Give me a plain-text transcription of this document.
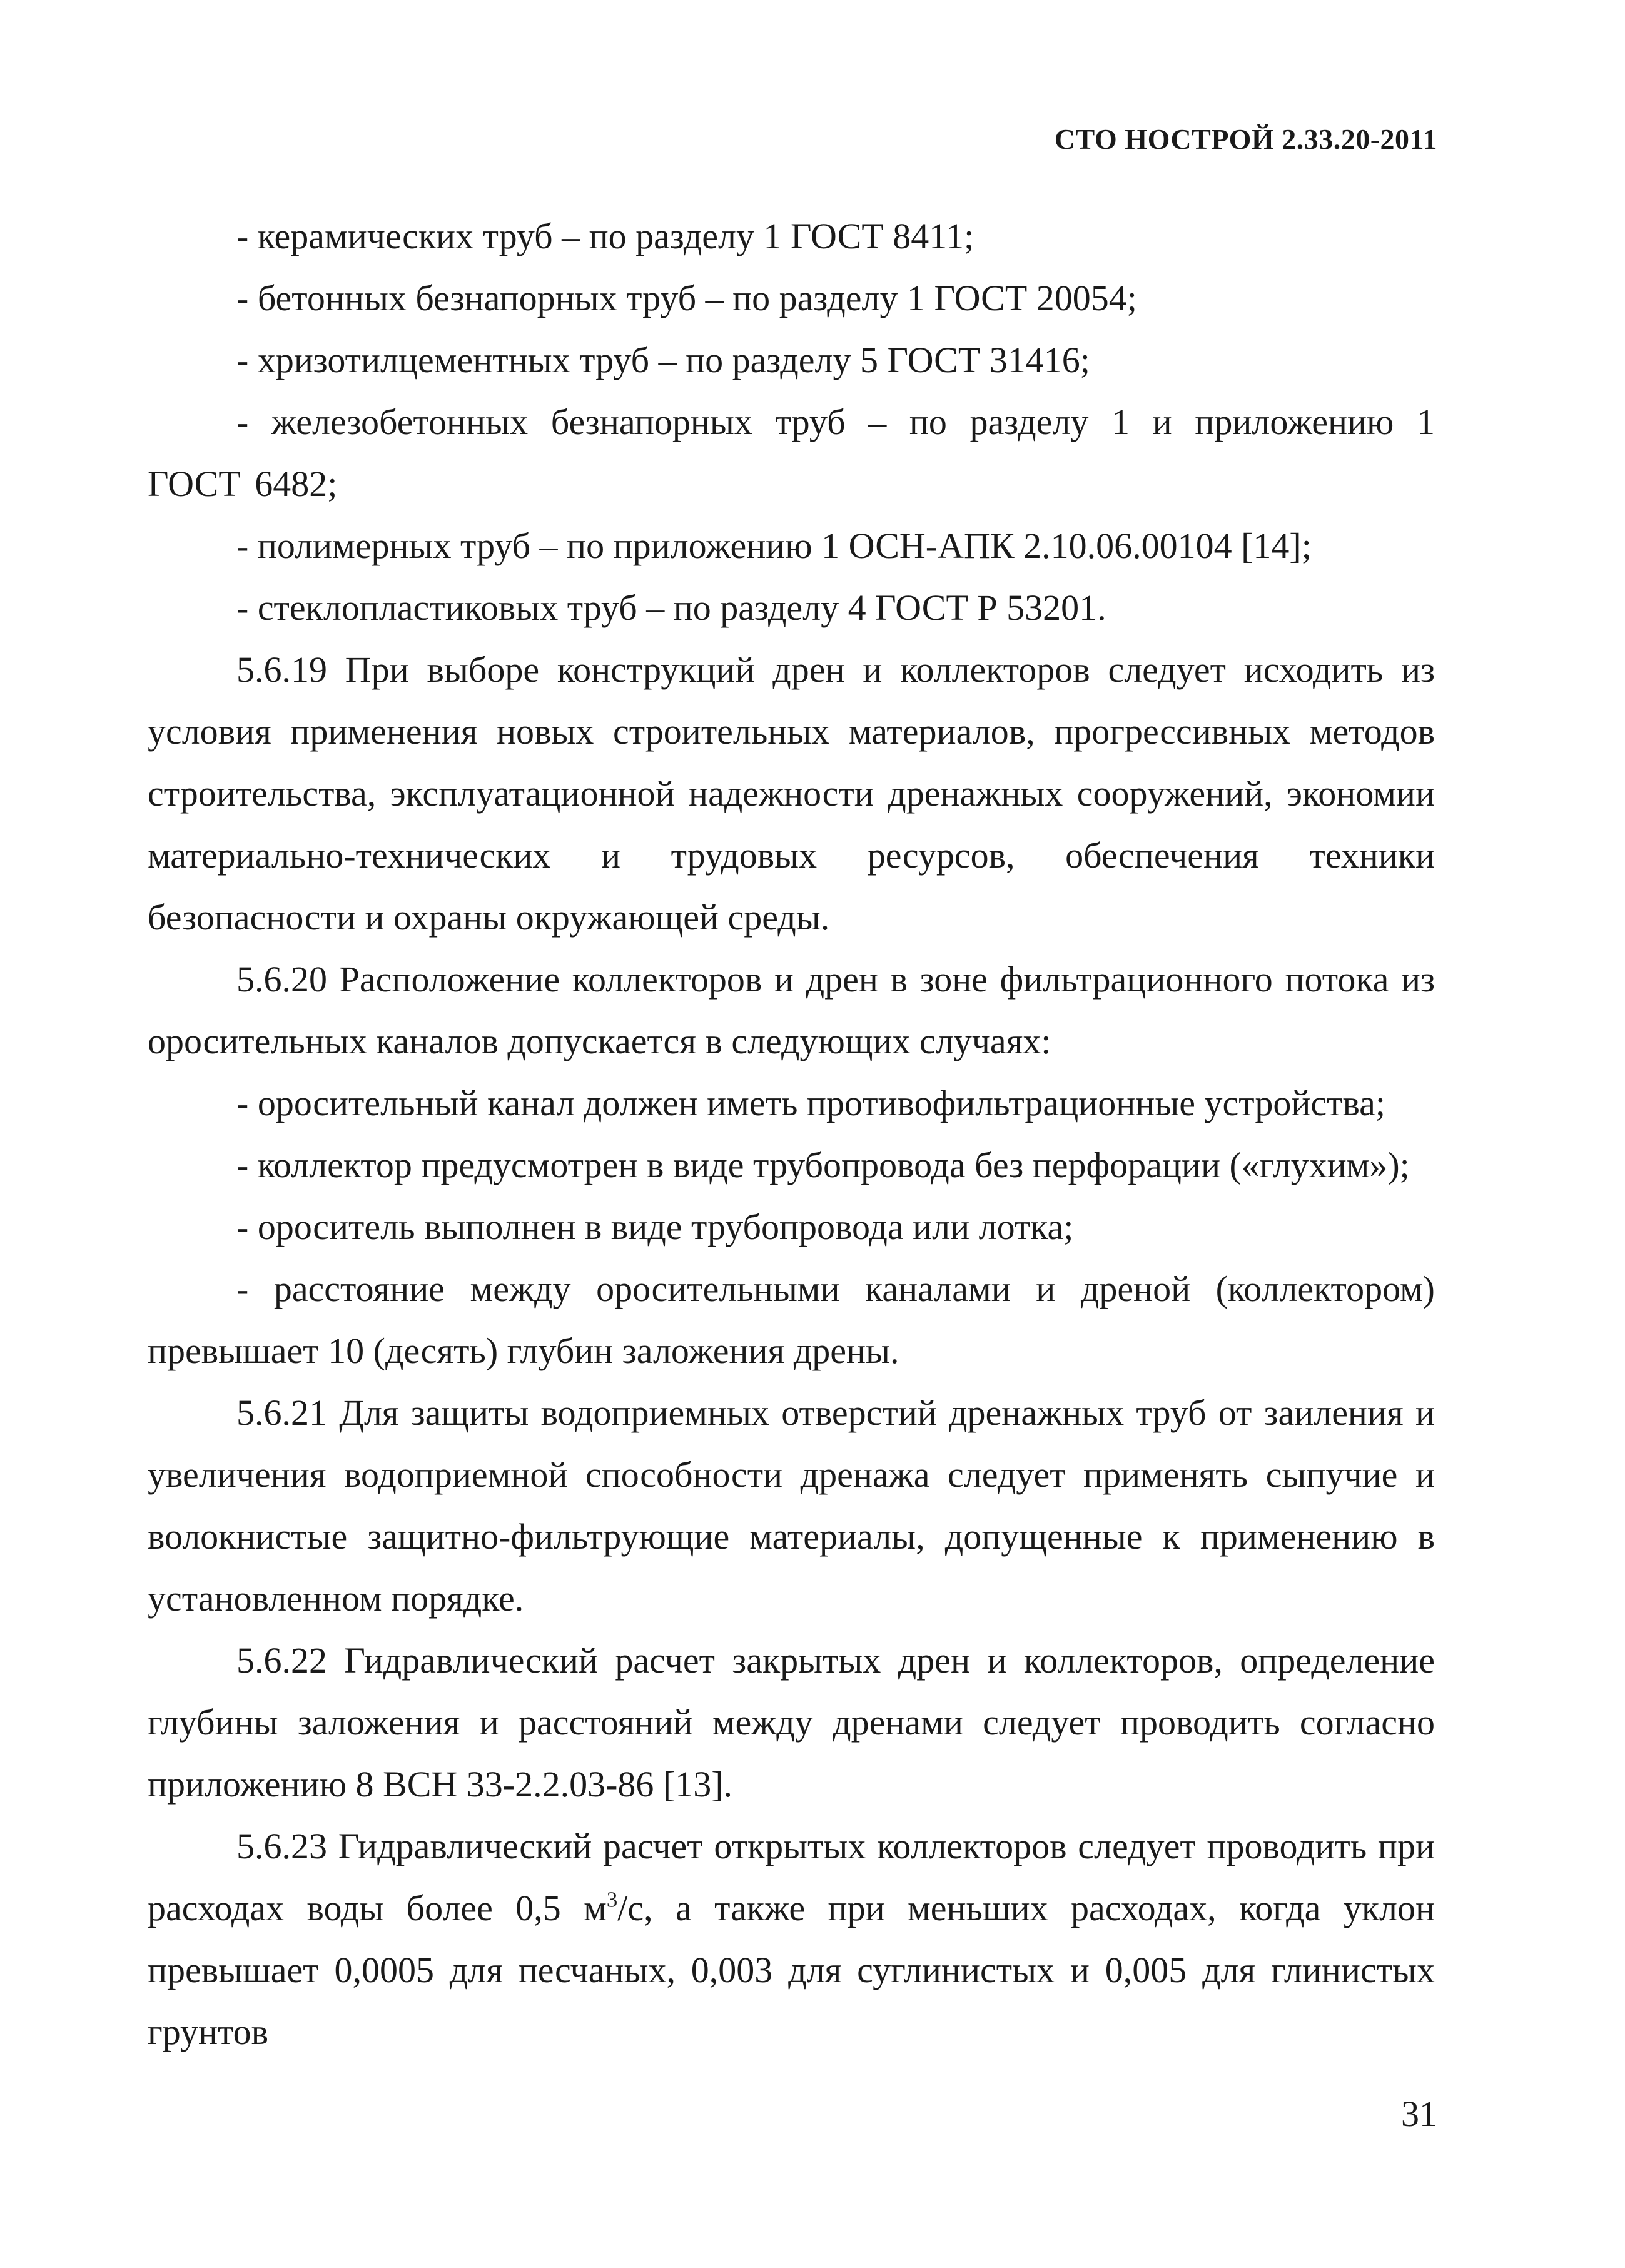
СТО НОСТРОЙ 2.33.20-2011

- керамических труб – по разделу 1 ГОСТ 8411;

- бетонных безнапорных труб – по разделу 1 ГОСТ 20054;

- хризотилцементных труб – по разделу 5 ГОСТ 31416;

- железобетонных безнапорных труб – по разделу 1 и приложению 1 ГОСТ 6482;

- полимерных труб – по приложению 1 ОСН-АПК 2.10.06.00104 [14];

- стеклопластиковых труб – по разделу 4 ГОСТ Р 53201.

5.6.19 При выборе конструкций дрен и коллекторов следует исходить из условия применения новых строительных материалов, прогрессивных методов строительства, эксплуатационной надежности дренажных сооружений, экономии материально-технических и трудовых ресурсов, обеспечения техники безопасности и охраны окружающей среды.

5.6.20 Расположение коллекторов и дрен в зоне фильтрационного потока из оросительных каналов допускается в следующих случаях:

- оросительный канал должен иметь противофильтрационные устройства;

- коллектор предусмотрен в виде трубопровода без перфорации («глухим»);

- ороситель выполнен в виде трубопровода или лотка;

- расстояние между оросительными каналами и дреной (коллектором) превышает 10 (десять) глубин заложения дрены.

5.6.21 Для защиты водоприемных отверстий дренажных труб от заиления и увеличения водоприемной способности дренажа следует применять сыпучие и волокнистые защитно-фильтрующие материалы, допущенные к применению в установленном порядке.

5.6.22 Гидравлический расчет закрытых дрен и коллекторов, определение глубины заложения и расстояний между дренами следует проводить согласно приложению 8 ВСН 33-2.2.03-86 [13].

5.6.23 Гидравлический расчет открытых коллекторов следует проводить при расходах воды более 0,5 $м^3/с$, а также при меньших расходах, когда уклон превышает 0,0005 для песчаных, 0,003 для суглинистых и 0,005 для глинистых грунтов

31
